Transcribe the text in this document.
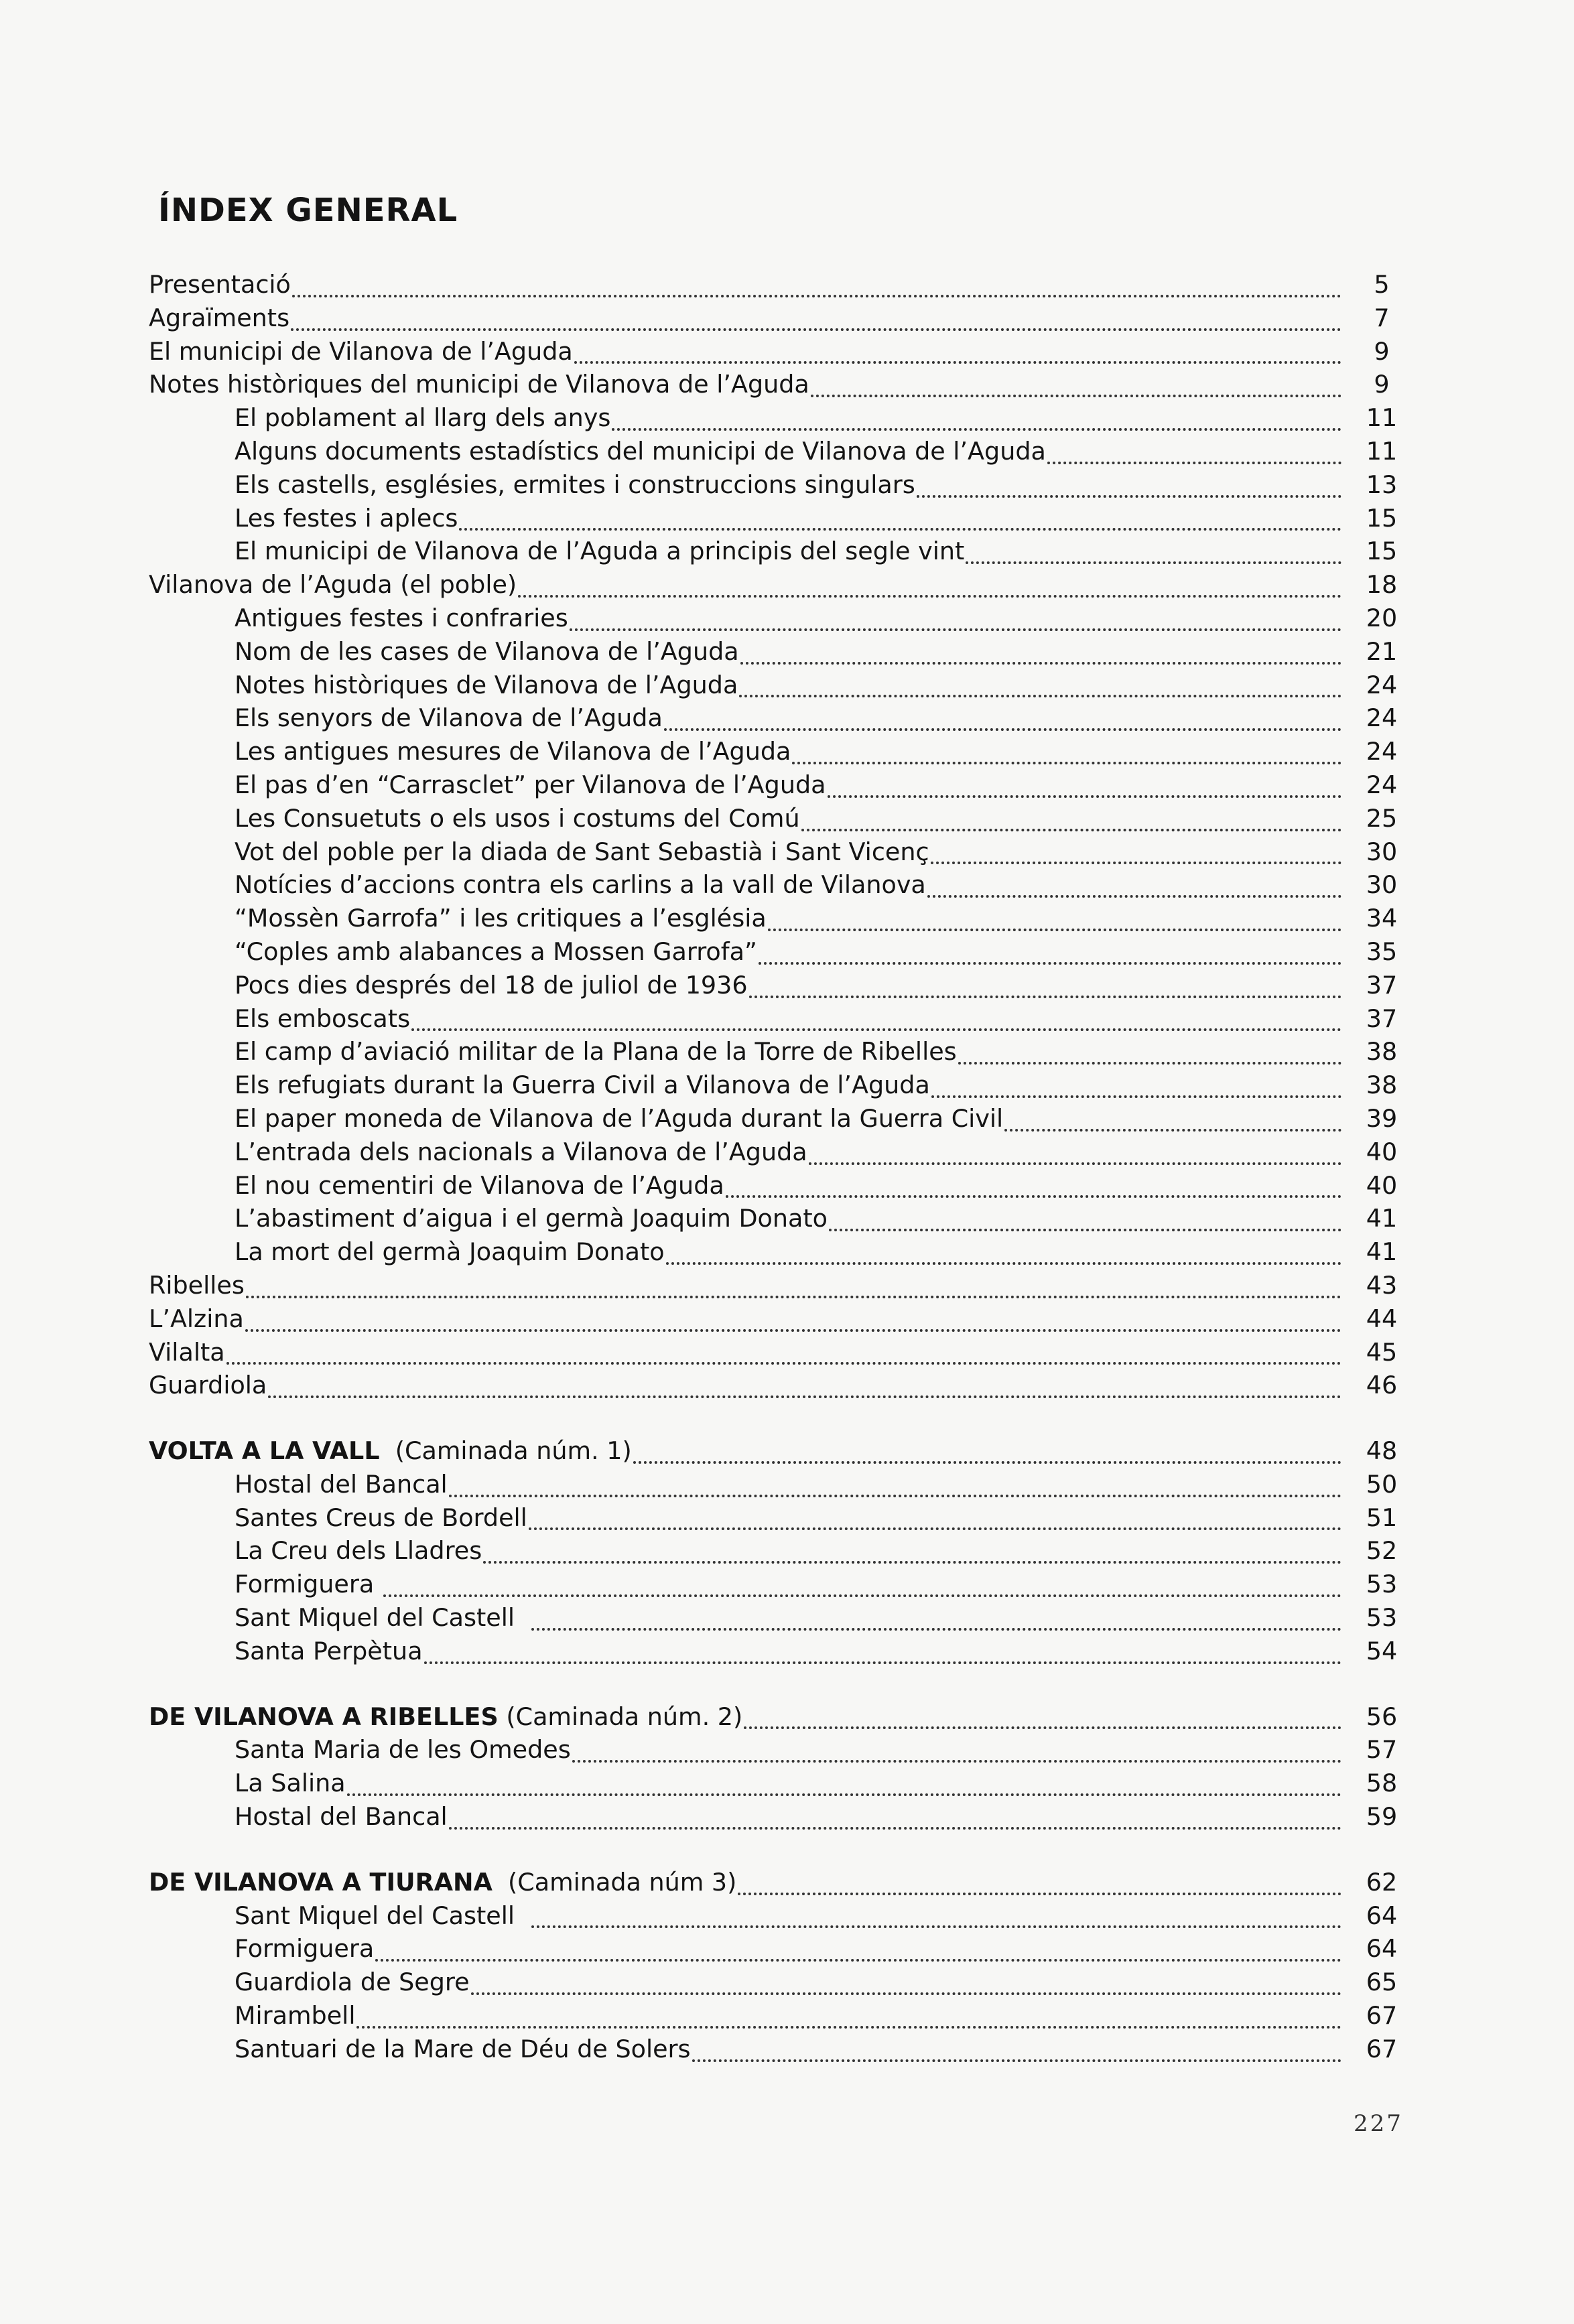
ÍNDEX GENERAL
Presentació	5
Agraïments	7
El municipi de Vilanova de l’Aguda	9
Notes històriques del municipi de Vilanova de l’Aguda	9
El poblament al llarg dels anys	11
Alguns documents estadístics del municipi de Vilanova de l’Aguda	11
Els castells, esglésies, ermites i construccions singulars	13
Les festes i aplecs	15
El municipi de Vilanova de l’Aguda a principis del segle vint	15
Vilanova de l’Aguda (el poble)	18
Antigues festes i confraries	20
Nom de les cases de Vilanova de l’Aguda	21
Notes històriques de Vilanova de l’Aguda	24
Els senyors de Vilanova de l’Aguda	24
Les antigues mesures de Vilanova de l’Aguda	24
El pas d’en “Carrasclet” per Vilanova de l’Aguda	24
Les Consuetuts o els usos i costums del Comú	25
Vot del poble per la diada de Sant Sebastià i Sant Vicenç	30
Notícies d’accions contra els carlins a la vall de Vilanova	30
“Mossèn Garrofa” i les critiques a l’església	34
“Coples amb alabances a Mossen Garrofa”	35
Pocs dies després del 18 de juliol de 1936	37
Els emboscats	37
El camp d’aviació militar de la Plana de la Torre de Ribelles	38
Els refugiats durant la Guerra Civil a Vilanova de l’Aguda	38
El paper moneda de Vilanova de l’Aguda durant la Guerra Civil	39
L’entrada dels nacionals a Vilanova de l’Aguda	40
El nou cementiri de Vilanova de l’Aguda	40
L’abastiment d’aigua i el germà Joaquim Donato	41
La mort del germà Joaquim Donato	41
Ribelles	43
L’Alzina	44
Vilalta	45
Guardiola	46
VOLTA A LA VALL  (Caminada núm. 1)	48
Hostal del Bancal	50
Santes Creus de Bordell	51
La Creu dels Lladres	52
Formiguera	53
Sant Miquel del Castell	53
Santa Perpètua	54
DE VILANOVA A RIBELLES (Caminada núm. 2)	56
Santa Maria de les Omedes	57
La Salina	58
Hostal del Bancal	59
DE VILANOVA A TIURANA  (Caminada núm 3)	62
Sant Miquel del Castell	64
Formiguera	64
Guardiola de Segre	65
Mirambell	67
Santuari de la Mare de Déu de Solers	67
227
